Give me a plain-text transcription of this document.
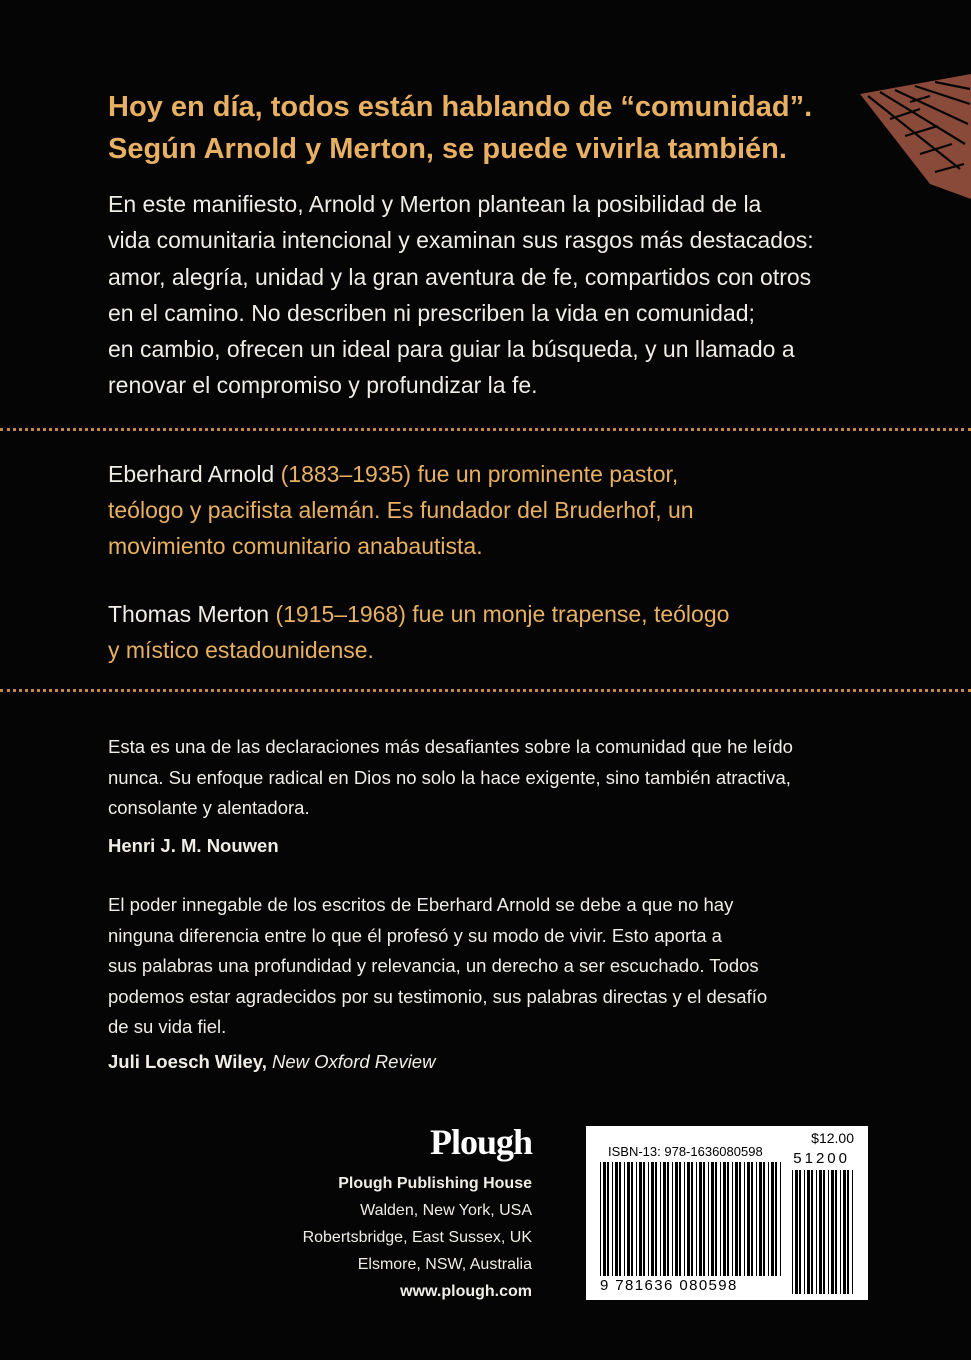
Hoy en día, todos están hablando de “comunidad”.
Según Arnold y Merton, se puede vivirla también.

En este manifiesto, Arnold y Merton plantean la posibilidad de la
vida comunitaria intencional y examinan sus rasgos más destacados:
amor, alegría, unidad y la gran aventura de fe, compartidos con otros
en el camino. No describen ni prescriben la vida en comunidad;
en cambio, ofrecen un ideal para guiar la búsqueda, y un llamado a
renovar el compromiso y profundizar la fe.

Eberhard Arnold (1883–1935) fue un prominente pastor,
teólogo y pacifista alemán. Es fundador del Bruderhof, un
movimiento comunitario anabautista.

Thomas Merton (1915–1968) fue un monje trapense, teólogo
y místico estadounidense.

Esta es una de las declaraciones más desafiantes sobre la comunidad que he leído
nunca. Su enfoque radical en Dios no solo la hace exigente, sino también atractiva,
consolante y alentadora.

Henri J. M. Nouwen

El poder innegable de los escritos de Eberhard Arnold se debe a que no hay
ninguna diferencia entre lo que él profesó y su modo de vivir. Esto aporta a
sus palabras una profundidad y relevancia, un derecho a ser escuchado. Todos
podemos estar agradecidos por su testimonio, sus palabras directas y el desafío
de su vida fiel.

Juli Loesch Wiley, New Oxford Review
Plough
Plough Publishing House
Walden, New York, USA
Robertsbridge, East Sussex, UK
Elsmore, NSW, Australia
www.plough.com
ISBN-13: 978-1636080598
$12.00
51200
9 781636 080598
